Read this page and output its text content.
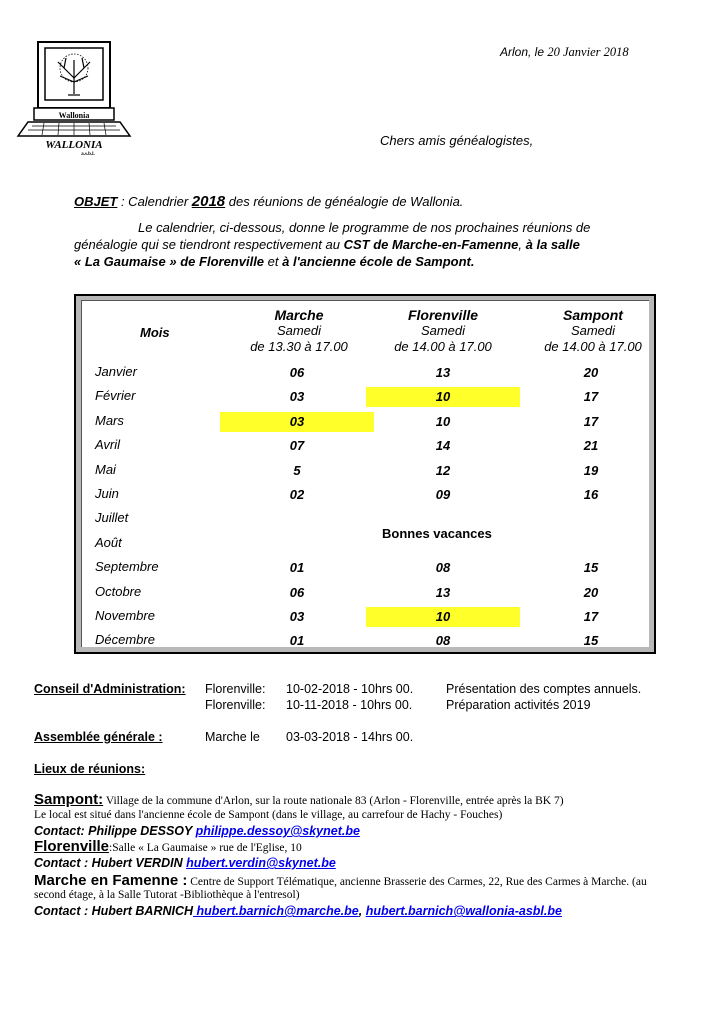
Wallonia
WALLONIA
a.s.b.l.
Arlon, le 20 Janvier 2018
Chers amis généalogistes,
OBJET : Calendrier 2018 des réunions de généalogie de Wallonia.
Le calendrier, ci-dessous, donne le programme de nos prochaines réunions de
généalogie qui se tiendront respectivement au CST de Marche-en-Famenne, à la salle
« La Gaumaise » de Florenville et à l'ancienne école de Sampont.
Mois
Marche
Samedi
de 13.30 à 17.00
Florenville
Samedi
de 14.00 à 17.00
Sampont
Samedi
de 14.00 à 17.00
Janvier	06	13	20
Février	03	10	17
Mars	03	10	17
Avril	07	14	21
Mai	5	12	19
Juin	02	09	16
Juillet
Août
Septembre	01	08	15
Octobre	06	13	20
Novembre	03	10	17
Décembre	01	08	15
Bonnes vacances
Conseil d'Administration: Florenville: 10-02-2018 - 10hrs 00.	Présentation des comptes annuels.
Florenville: 10-11-2018 - 10hrs 00.	Préparation activités 2019
Assemblée générale :	Marche le 03-03-2018 - 14hrs 00.
Lieux de réunions:
Sampont: Village de la commune d'Arlon, sur la route nationale 83 (Arlon - Florenville, entrée après la BK 7)
Le local est situé dans l'ancienne école de Sampont (dans le village, au carrefour de Hachy - Fouches)
Contact: Philippe DESSOY philippe.dessoy@skynet.be
Florenville:Salle « La Gaumaise » rue de l'Eglise, 10
Contact : Hubert VERDIN hubert.verdin@skynet.be
Marche en Famenne : Centre de Support Télématique, ancienne Brasserie des Carmes, 22, Rue des Carmes à Marche. (au
second étage, à la Salle Tutorat -Bibliothèque à l'entresol)
Contact : Hubert BARNICH hubert.barnich@marche.be, hubert.barnich@wallonia-asbl.be
